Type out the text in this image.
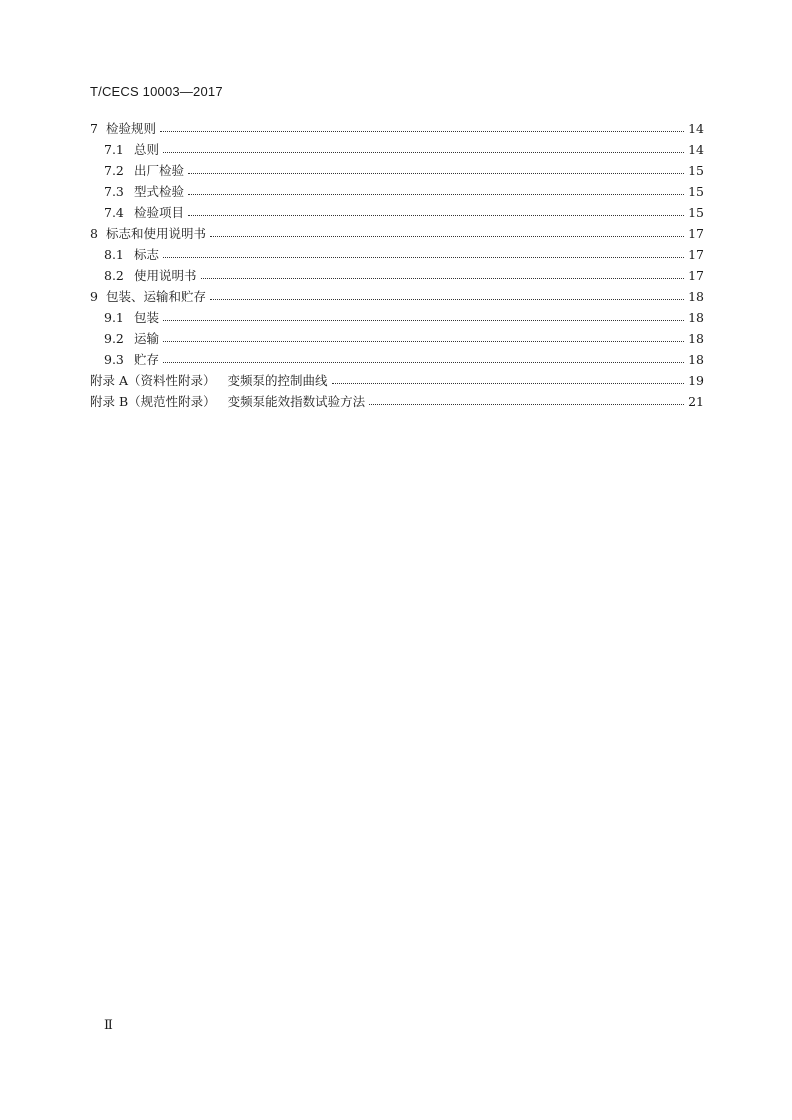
T/CECS 10003—2017
7 检验规则	14
7.1 总则	14
7.2 出厂检验	15
7.3 型式检验	15
7.4 检验项目	15
8 标志和使用说明书	17
8.1 标志	17
8.2 使用说明书	17
9 包装、运输和贮存	18
9.1 包装	18
9.2 运输	18
9.3 贮存	18
附录 A（资料性附录） 变频泵的控制曲线	19
附录 B（规范性附录） 变频泵能效指数试验方法	21
Ⅱ
